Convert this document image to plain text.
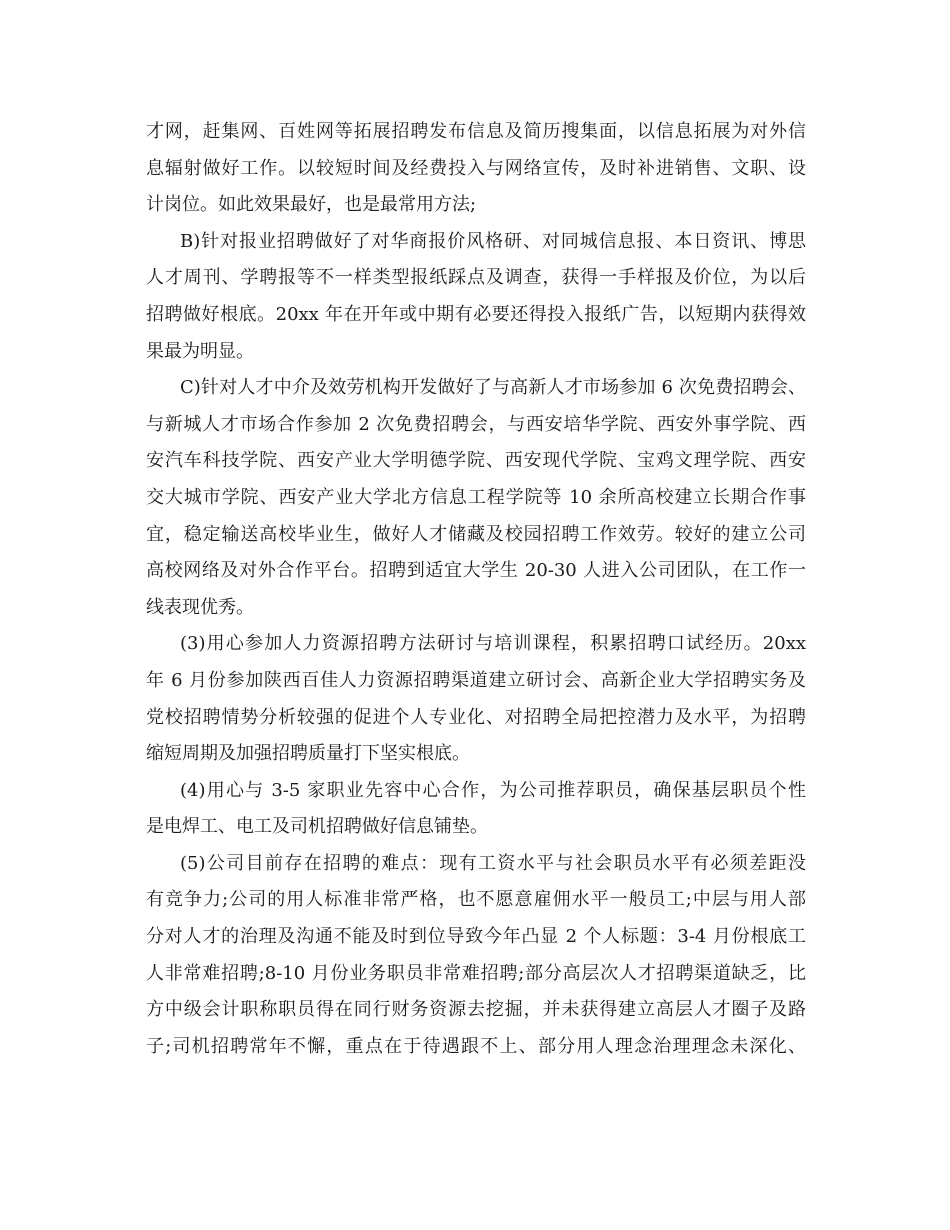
才网，赶集网、百姓网等拓展招聘发布信息及简历搜集面，以信息拓展为对外信
息辐射做好工作。以较短时间及经费投入与网络宣传，及时补进销售、文职、设
计岗位。如此效果最好，也是最常用方法;
B)针对报业招聘做好了对华商报价风格研、对同城信息报、本日资讯、博思
人才周刊、学聘报等不一样类型报纸踩点及调查，获得一手样报及价位，为以后
招聘做好根底。20xx 年在开年或中期有必要还得投入报纸广告，以短期内获得效
果最为明显。
C)针对人才中介及效劳机构开发做好了与高新人才市场参加 6 次免费招聘会、
与新城人才市场合作参加 2 次免费招聘会，与西安培华学院、西安外事学院、西
安汽车科技学院、西安产业大学明德学院、西安现代学院、宝鸡文理学院、西安
交大城市学院、西安产业大学北方信息工程学院等 10 余所高校建立长期合作事
宜，稳定输送高校毕业生，做好人才储藏及校园招聘工作效劳。较好的建立公司
高校网络及对外合作平台。招聘到适宜大学生 20-30 人进入公司团队，在工作一
线表现优秀。
(3)用心参加人力资源招聘方法研讨与培训课程，积累招聘口试经历。20xx
年 6 月份参加陕西百佳人力资源招聘渠道建立研讨会、高新企业大学招聘实务及
党校招聘情势分析较强的促进个人专业化、对招聘全局把控潜力及水平，为招聘
缩短周期及加强招聘质量打下坚实根底。
(4)用心与 3-5 家职业先容中心合作，为公司推荐职员，确保基层职员个性
是电焊工、电工及司机招聘做好信息铺垫。
(5)公司目前存在招聘的难点：现有工资水平与社会职员水平有必须差距没
有竞争力;公司的用人标准非常严格，也不愿意雇佣水平一般员工;中层与用人部
分对人才的治理及沟通不能及时到位导致今年凸显 2 个人标题：3-4 月份根底工
人非常难招聘;8-10 月份业务职员非常难招聘;部分高层次人才招聘渠道缺乏，比
方中级会计职称职员得在同行财务资源去挖掘，并未获得建立高层人才圈子及路
子;司机招聘常年不懈，重点在于待遇跟不上、部分用人理念治理理念未深化、
